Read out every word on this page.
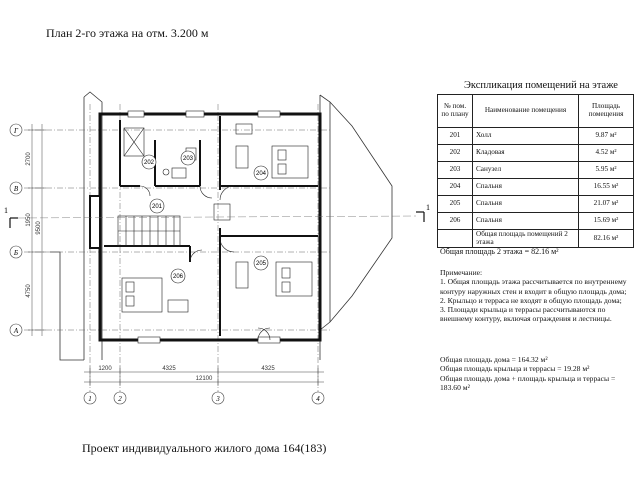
План 2-го этажа на отм. 3.200 м
202
203
201
204
205
206
Г
В
Б
А
1	2	3	4
1200	4325	4325
12100
2700
1950
4750
9500
1	1
Экспликация помещений на этаже
№ пом. по плану	Наименование помещения	Площадь помещения
201	Холл	9.87 м²
202	Кладовая	4.52 м²
203	Санузел	5.95 м²
204	Спальня	16.55 м²
205	Спальня	21.07 м²
206	Спальня	15.69 м²
	Общая площадь помещений 2 этажа	82.16 м²
Общая площадь 2 этажа = 82.16 м²

Примечание:

1. Общая площадь этажа рассчитывается по внутреннему контуру наружных стен и входит в общую площадь дома;

2. Крыльцо и терраса не входят в общую площадь дома;

3. Площади крыльца и террасы рассчитываются по внешнему контуру, включая ограждения и лестницы.

Общая площадь дома = 164.32 м²

Общая площадь крыльца и террасы = 19.28 м²

Общая площадь дома + площадь крыльца и террасы = 183.60 м²

Проект индивидуального жилого дома 164(183)
